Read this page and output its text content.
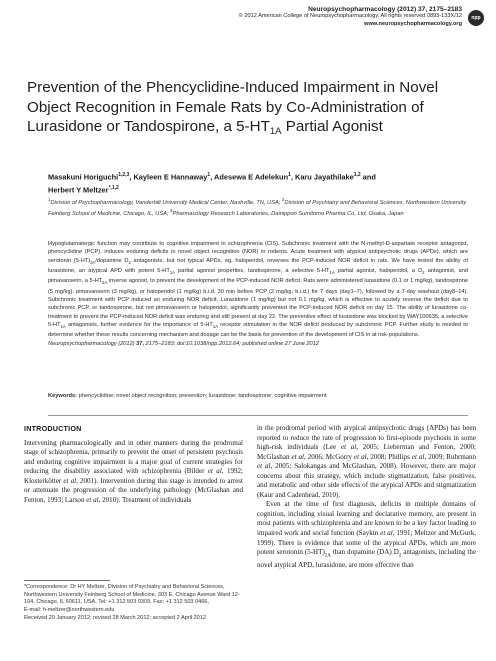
Neuropsychopharmacology (2012) 37, 2175–2183
© 2012 American College of Neuropsychopharmacology. All rights reserved 0893-133X/12
www.neuropsychopharmacology.org
npp
Prevention of the Phencyclidine-Induced Impairment in Novel
Object Recognition in Female Rats by Co-Administration of
Lurasidone or Tandospirone, a 5-HT1A Partial Agonist
Masakuni Horiguchi$^{1,2,3}$, Kayleen E Hannaway$^1$, Adesewa E Adelekun$^1$, Karu Jayathilake$^{1,2}$ and
Herbert Y Meltzer$^{*,1,2}$
$^1$Division of Psychopharmacology, Vanderbilt University Medical Center, Nashville, TN, USA; $^2$Division of Psychiatry and Behavioral Sciences, Northwestern University Feinberg School of Medicine, Chicago, IL, USA; $^3$Pharmacology Research Laboratories, Dainippon Sumitomo Pharma Co, Ltd, Osaka, Japan

Hypoglutamatergic function may contribute to cognitive impairment in schizophrenia (CIS). Subchronic treatment with the N-methyl-D-aspartate receptor antagonist, phencyclidine (PCP), induces enduring deficits in novel object recognition (NOR) in rodents. Acute treatment with atypical antipsychotic drugs (APDs), which are serotonin $(5-HT)_{2A}$/dopamine $D_2$ antagonists, but not typical APDs, eg, haloperidol, reverses the PCP-induced NOR deficit in rats. We have tested the ability of lurasidone, an atypical APD with potent $5-HT_{1A}$ partial agonist properties, tandospirone, a selective $5-HT_{1A}$ partial agonist, haloperidol, a $D_2$ antagonist, and pimavanserin, a $5-HT_{2A}$ inverse agonist, to prevent the development of the PCP-induced NOR deficit. Rats were administered lurasidone (0.1 or 1 mg/kg), tandospirone (5 mg/kg), pimavanserin (3 mg/kg), or haloperidol (1 mg/kg) b.i.d. 30 min before PCP (2 mg/kg, b.i.d.) for 7 days (day1–7), followed by a 7-day washout (day8–14). Subchronic treatment with PCP induced an enduring NOR deficit. Lurasidone (1 mg/kg) but not 0.1 mg/kg, which is effective to acutely reverse the deficit due to subchronic PCP, or tandospirone, but not pimavanserin or haloperidol, significantly prevented the PCP-induced NOR deficit on day 15. The ability of lurasidone co-treatment to prevent the PCP-induced NOR deficit was enduring and still present at day 22. The preventive effect of lurasidone was blocked by WAY100635, a selective $5-HT_{1A}$ antagonists, further evidence for the importance of $5-HT_{1A}$ receptor stimulation in the NOR deficit produced by subchronic PCP. Further study is needed to determine whether these results concerning mechanism and dosage can be the basis for prevention of the development of CIS in at risk-populations.

Neuropsychopharmacology (2012) 37, 2175–2183; doi:10.1038/npp.2012.64; published online 27 June 2012

Keywords: phencyclidine; novel object recognition; prevention; lurasidone; tandospirone; cognitive impairment
INTRODUCTION

Intervening pharmacologically and in other manners during the prodromal stage of schizophrenia, primarily to prevent the onset of persistent psychosis and enduring cognitive impairment is a major goal of current strategies for reducing the disability associated with schizophrenia (Bilder et al, 1992; Klosterkötter et al, 2001). Intervention during this stage is intended to arrest or attenuate the progression of the underlying pathology (McGlashan and Fenton, 1993; Larson et al, 2010). Treatment of individuals

in the prodromal period with atypical antipsychotic drugs (APDs) has been reported to reduce the rate of progression to first-episode psychosis in some high-risk individuals (Lee et al, 2005; Lieberman and Fenton, 2000; McGlashan et al, 2006; McGorry et al, 2008; Phillips et al, 2009; Ruhrmann et al, 2005; Salokangas and McGlashan, 2008). However, there are major concerns about this strategy, which include stigmatization, false positives, and metabolic and other side effects of the atypical APDs and stigmatization (Kaur and Cadenhead, 2010).

Even at the time of first diagnosis, deficits in multiple domains of cognition, including visual learning and declarative memory, are present in most patients with schizophrenia and are known to be a key factor leading to impaired work and social function (Saykin et al, 1991; Meltzer and McGurk, 1999). There is evidence that some of the atypical APDs, which are more potent serotonin $(5-HT)_{2A}$ than dopamine (DA) $D_2$ antagonists, including the novel atypical APD, lurasidone, are more effective than

*Correspondence: Dr HY Meltzer, Division of Psychiatry and Behavioral Sciences, Northwestern University Feinberg School of Medicine, 303 E. Chicago Avenue Ward 12-104, Chicago, IL 60611, USA, Tel: +1 312 503 0309, Fax: +1 312 503 0466,
E-mail: h-meltzer@northwestern.edu
Received 20 January 2012; revised 28 March 2012; accepted 2 April 2012
